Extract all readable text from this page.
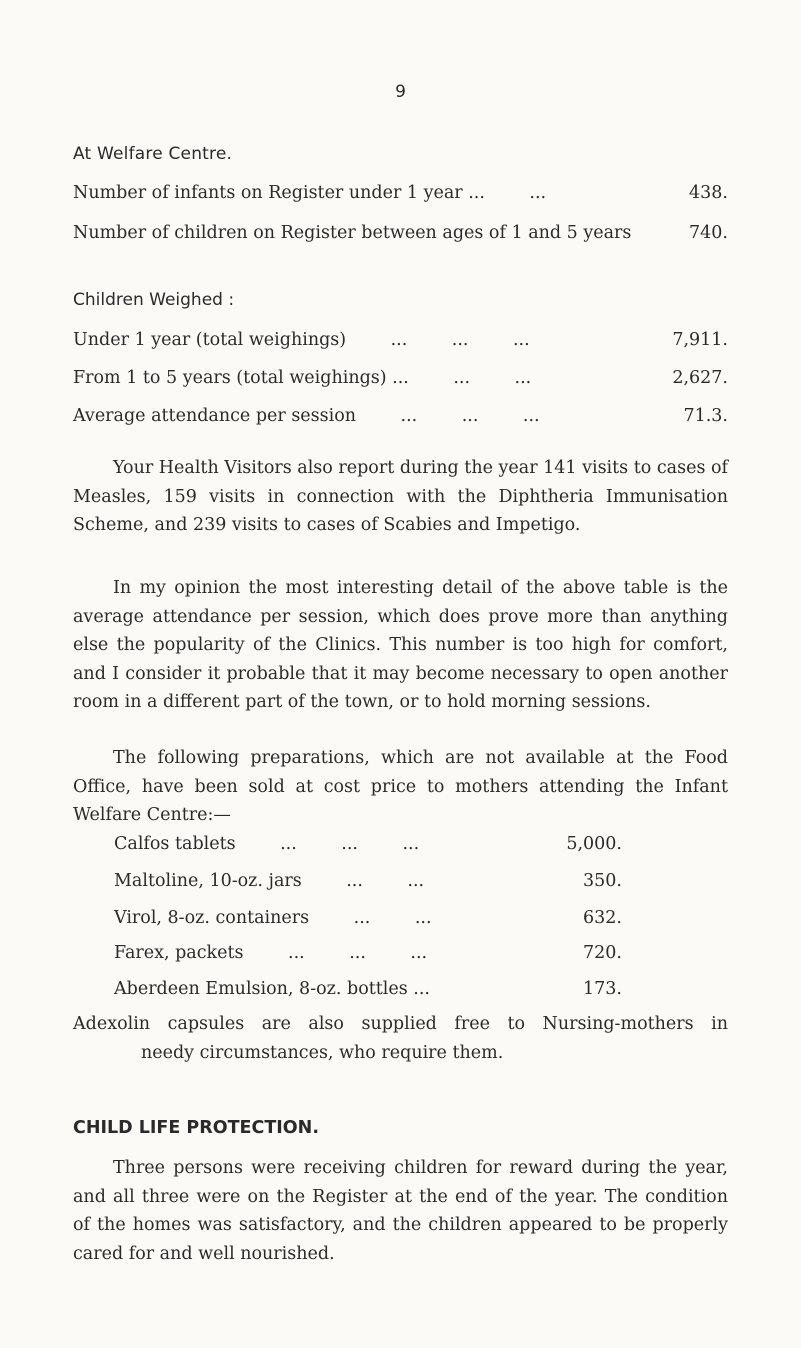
9
At Welfare Centre.
Number of infants on Register under 1 year ...        ...	438.
Number of children on Register between ages of 1 and 5 years	740.
Children Weighed :
Under 1 year (total weighings)        ...        ...        ...	7,911.
From 1 to 5 years (total weighings) ...        ...        ...	2,627.
Average attendance per session        ...        ...        ...	71.3.

Your Health Visitors also report during the year 141 visits to cases of Measles, 159 visits in connection with the Diphtheria Immunisation Scheme, and 239 visits to cases of Scabies and Impetigo.

In my opinion the most interesting detail of the above table is the average attendance per session, which does prove more than anything else the popularity of the Clinics. This number is too high for comfort, and I consider it probable that it may become necessary to open another room in a different part of the town, or to hold morning sessions.

The following preparations, which are not available at the Food Office, have been sold at cost price to mothers attending the Infant Welfare Centre:—

Calfos tablets        ...        ...        ...	5,000.
Maltoline, 10-oz. jars        ...        ...	350.
Virol, 8-oz. containers        ...        ...	632.
Farex, packets        ...        ...        ...	720.
Aberdeen Emulsion, 8-oz. bottles ...	173.
Adexolin capsules are also supplied free to Nursing-mothers in
needy circumstances, who require them.
CHILD LIFE PROTECTION.

Three persons were receiving children for reward during the year, and all three were on the Register at the end of the year. The condition of the homes was satisfactory, and the children appeared to be properly cared for and well nourished.
